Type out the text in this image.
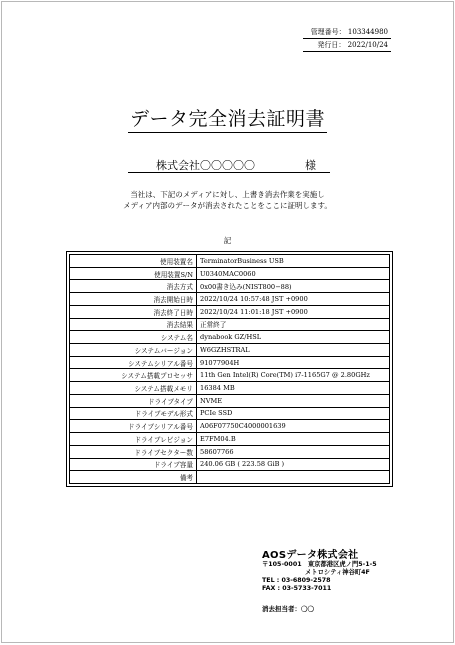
管理番号： 103344980
発行日： 2022/10/24
データ完全消去証明書
株式会社〇〇〇〇〇	様
当社は、下記のメディアに対し、上書き消去作業を実施し
メディア内部のデータが消去されたことをここに証明します。
記
使用装置名	TerminatorBusiness USB
使用装置S/N	U0340MAC0060
消去方式	0x00書き込み(NIST800−88)
消去開始日時	2022/10/24 10:57:48 JST +0900
消去終了日時	2022/10/24 11:01:18 JST +0900
消去結果	正常終了
システム名	dynabook GZ/HSL
システムバージョン	W6GZHSTRAL
システムシリアル番号	91077904H
システム搭載プロセッサ	11th Gen Intel(R) Core(TM) i7-1165G7 @ 2.80GHz
システム搭載メモリ	16384 MB
ドライブタイプ	NVME
ドライブモデル形式	PCIe SSD
ドライブシリアル番号	A06F07750C4000001639
ドライブレビジョン	E7FM04.B
ドライブセクター数	58607766
ドライブ容量	240.06 GB ( 223.58 GiB )
備考	
AOSデータ株式会社
〒105-0001　東京都港区虎ノ門5-1-5
メトロシティ神谷町4F
TEL : 03-6809-2578
FAX : 03-5733-7011
消去担当者：〇〇
